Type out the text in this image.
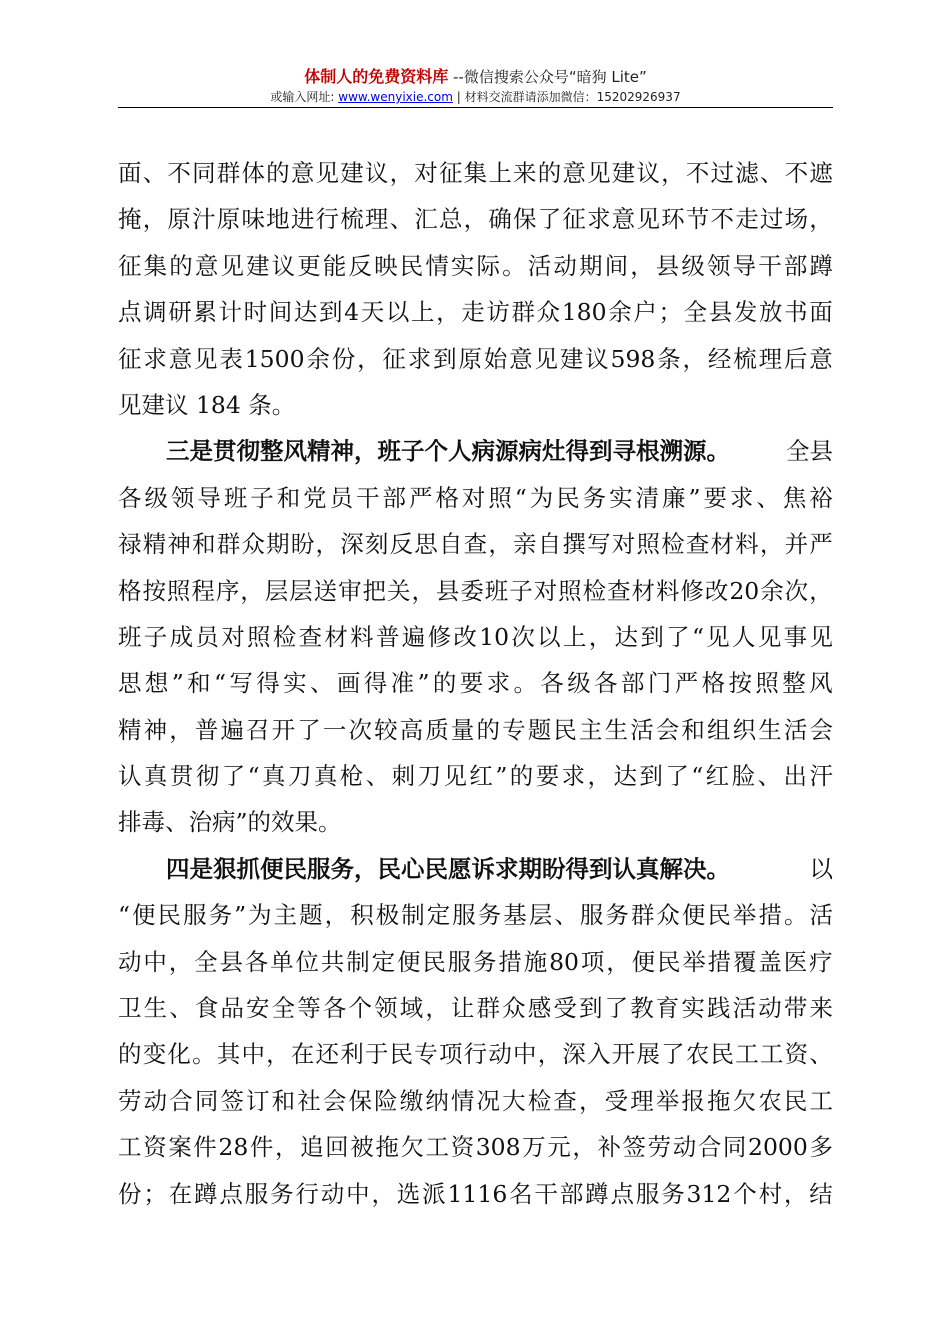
体制人的免费资料库 --微信搜索公众号“暗狗 Lite”
或输入网址: www.wenyixie.com | 材料交流群请添加微信：15202926937
面 、 不 同 群 体 的 意 见 建 议 ， 对 征 集 上 来 的 意 见 建 议 ， 不 过 滤 、 不 遮
掩 ， 原 汁 原 味 地 进 行 梳 理 、 汇 总 ， 确 保 了 征 求 意 见 环 节 不 走 过 场 ，
征 集 的 意 见 建 议 更 能 反 映 民 情 实 际 。 活 动 期 间 ， 县 级 领 导 干 部 蹲
点 调 研 累 计 时 间 达 到 4 天 以 上 ， 走 访 群 众 180 余 户 ； 全 县 发 放 书 面
征 求 意 见 表 1500 余 份 ， 征 求 到 原 始 意 见 建 议 598 条 ， 经 梳 理 后 意
见建议 184 条。
三是贯彻整风精神，班子个人病源病灶得到寻根溯源。 全县
各 级 领 导 班 子 和 党 员 干 部 严 格 对 照 “ 为 民 务 实 清 廉 ” 要 求 、 焦 裕
禄 精 神 和 群 众 期 盼 ， 深 刻 反 思 自 查 ， 亲 自 撰 写 对 照 检 查 材 料 ， 并 严
格 按 照 程 序 ， 层 层 送 审 把 关 ， 县 委 班 子 对 照 检 查 材 料 修 改 20 余 次 ，
班 子 成 员 对 照 检 查 材 料 普 遍 修 改 10 次 以 上 ， 达 到 了 “ 见 人 见 事 见
思 想 ” 和 “ 写 得 实 、 画 得 准 ” 的 要 求 。 各 级 各 部 门 严 格 按 照 整 风
精 神 ， 普 遍 召 开 了 一 次 较 高 质 量 的 专 题 民 主 生 活 会 和 组 织 生 活 会
认 真 贯 彻 了 “ 真 刀 真 枪 、 刺 刀 见 红 ” 的 要 求 ， 达 到 了 “ 红 脸 、 出 汗
排毒、治病”的效果。
四是狠抓便民服务，民心民愿诉求期盼得到认真解决。	以
“ 便 民 服 务 ” 为 主 题 ， 积 极 制 定 服 务 基 层 、 服 务 群 众 便 民 举 措 。 活
动 中 ， 全 县 各 单 位 共 制 定 便 民 服 务 措 施 80 项 ， 便 民 举 措 覆 盖 医 疗
卫 生 、 食 品 安 全 等 各 个 领 域 ， 让 群 众 感 受 到 了 教 育 实 践 活 动 带 来
的 变 化 。 其 中 ， 在 还 利 于 民 专 项 行 动 中 ， 深 入 开 展 了 农 民 工 工 资 、
劳 动 合 同 签 订 和 社 会 保 险 缴 纳 情 况 大 检 查 ， 受 理 举 报 拖 欠 农 民 工
工 资 案 件 28 件 ， 追 回 被 拖 欠 工 资 308 万 元 ， 补 签 劳 动 合 同 2000 多
份 ； 在 蹲 点 服 务 行 动 中 ， 选 派 1116 名 干 部 蹲 点 服 务 312 个 村 ， 结
